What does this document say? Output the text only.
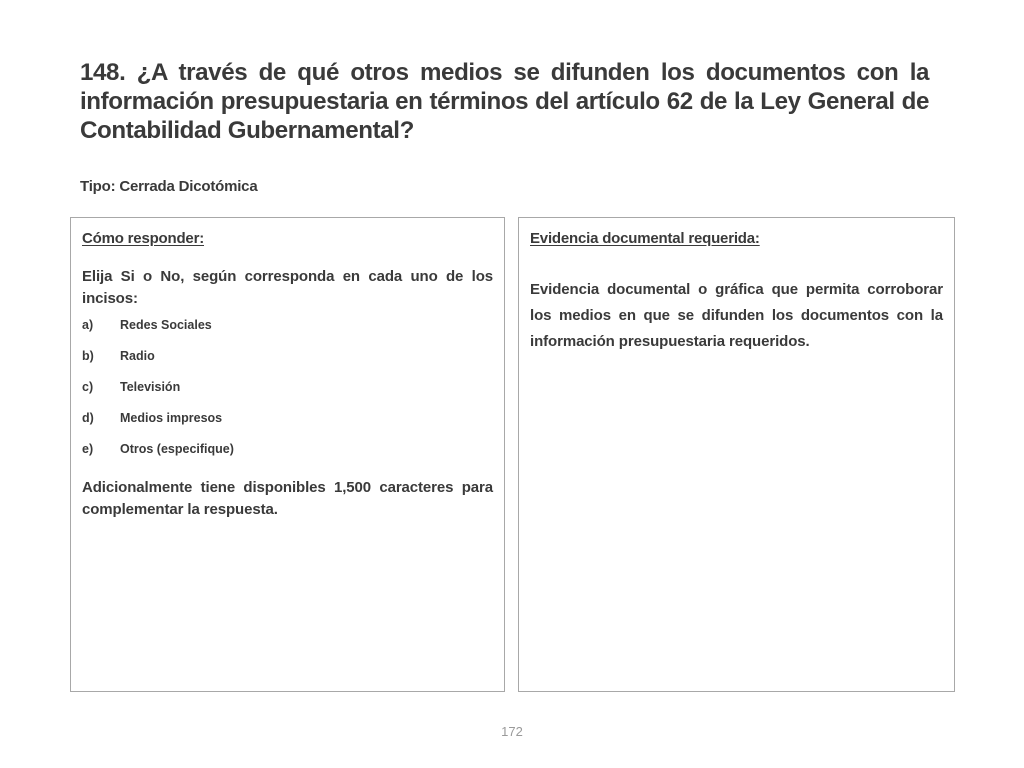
148. ¿A través de qué otros medios se difunden los documentos con la información presupuestaria en términos del artículo 62 de la Ley General de Contabilidad Gubernamental?
Tipo: Cerrada Dicotómica

Cómo responder:

Elija Si o No, según corresponda en cada uno de los incisos:

a)	Redes Sociales
b)	Radio
c)	Televisión
d)	Medios impresos
e)	Otros (especifique)

Adicionalmente tiene disponibles 1,500 caracteres para complementar la respuesta.

Evidencia documental requerida:

Evidencia documental o gráfica que permita corroborar los medios en que se difunden los documentos con la información presupuestaria requeridos.

172
